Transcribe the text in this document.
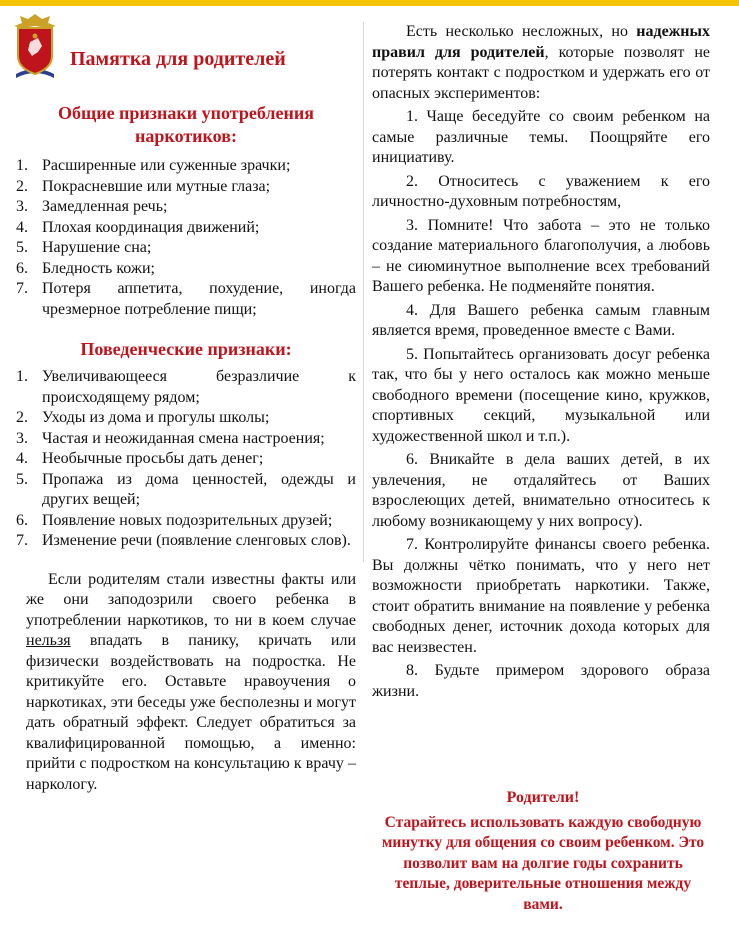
Памятка для родителей
Общие признаки употребления
наркотиков:
1. Расширенные или суженные зрачки;
2. Покрасневшие или мутные глаза;
3. Замедленная речь;
4. Плохая координация движений;
5. Нарушение сна;
6. Бледность кожи;
7. Потеря аппетита, похудение, иногда чрезмерное потребление пищи;
Поведенческие признаки:
1. Увеличивающееся безразличие к происходящему рядом;
2. Уходы из дома и прогулы школы;
3. Частая и неожиданная смена настроения;
4. Необычные просьбы дать денег;
5. Пропажа из дома ценностей, одежды и других вещей;
6. Появление новых подозрительных друзей;
7. Изменение речи (появление сленговых слов).

Если родителям стали известны факты или же они заподозрили своего ребенка в употреблении наркотиков, то ни в коем случае нельзя впадать в панику, кричать или физически воздействовать на подростка. Не критикуйте его. Оставьте нравоучения о наркотиках, эти беседы уже бесполезны и могут дать обратный эффект. Следует обратиться за квалифицированной помощью, а именно: прийти с подростком на консультацию к врачу – наркологу.

Есть несколько несложных, но надежных правил для родителей, которые позволят не потерять контакт с подростком и удержать его от опасных экспериментов:

1. Чаще беседуйте со своим ребенком на самые различные темы. Поощряйте его инициативу.

2. Относитесь с уважением к его личностно-духовным потребностям,

3. Помните! Что забота – это не только создание материального благополучия, а любовь – не сиюминутное выполнение всех требований Вашего ребенка. Не подменяйте понятия.

4. Для Вашего ребенка самым главным является время, проведенное вместе с Вами.

5. Попытайтесь организовать досуг ребенка так, что бы у него осталось как можно меньше свободного времени (посещение кино, кружков, спортивных секций, музыкальной или художественной школ и т.п.).

6. Вникайте в дела ваших детей, в их увлечения, не отдаляйтесь от Ваших взрослеющих детей, внимательно относитесь к любому возникающему у них вопросу).

7. Контролируйте финансы своего ребенка. Вы должны чётко понимать, что у него нет возможности приобретать наркотики. Также, стоит обратить внимание на появление у ребенка свободных денег, источник дохода которых для вас неизвестен.

8. Будьте примером здорового образа жизни.

Родители!
Старайтесь использовать каждую свободную минутку для общения со своим ребенком. Это позволит вам на долгие годы сохранить теплые, доверительные отношения между вами.
